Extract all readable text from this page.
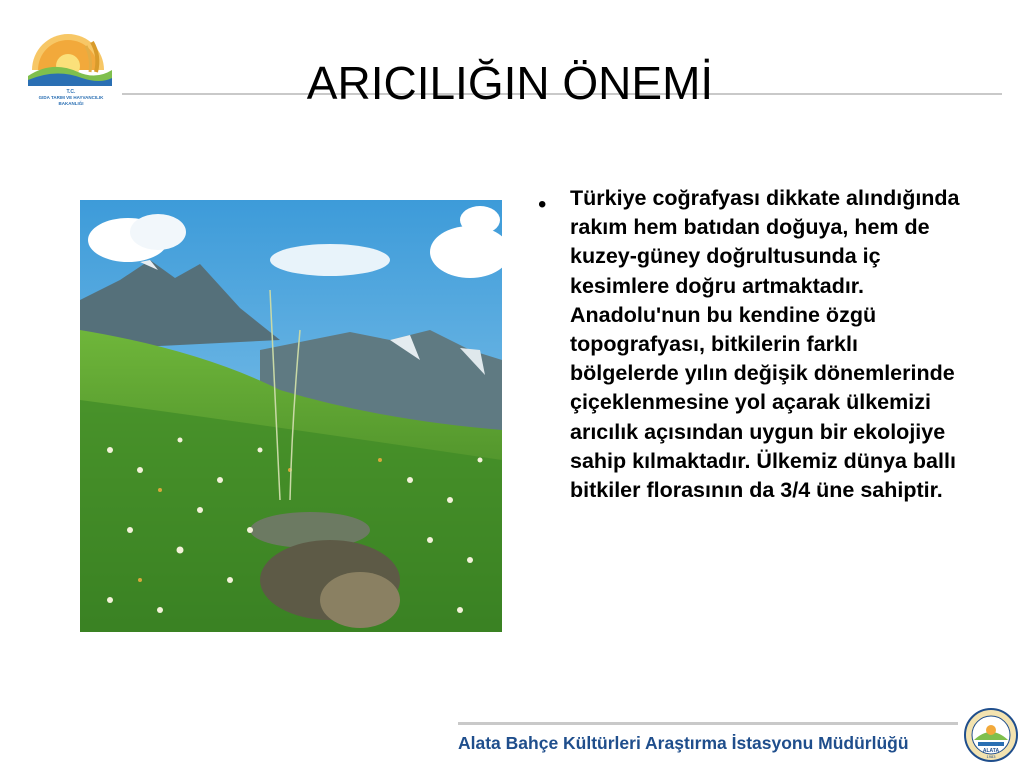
T.C.
GIDA TARIM VE HAYVANCILIK
BAKANLIĞI	ARICILIĞIN ÖNEMİ
• Türkiye coğrafyası dikkate alındığında rakım hem batıdan doğuya, hem de kuzey-güney doğrultusunda iç kesimlere doğru artmaktadır. Anadolu'nun bu kendine özgü topografyası, bitkilerin farklı bölgelerde yılın değişik dönemlerinde çiçeklenmesine yol açarak ülkemizi arıcılık açısından uygun bir ekolojiye sahip kılmaktadır. Ülkemiz dünya ballı bitkiler florasının da 3/4 üne sahiptir.
Alata Bahçe Kültürleri Araştırma İstasyonu Müdürlüğü	ALATA
1983
